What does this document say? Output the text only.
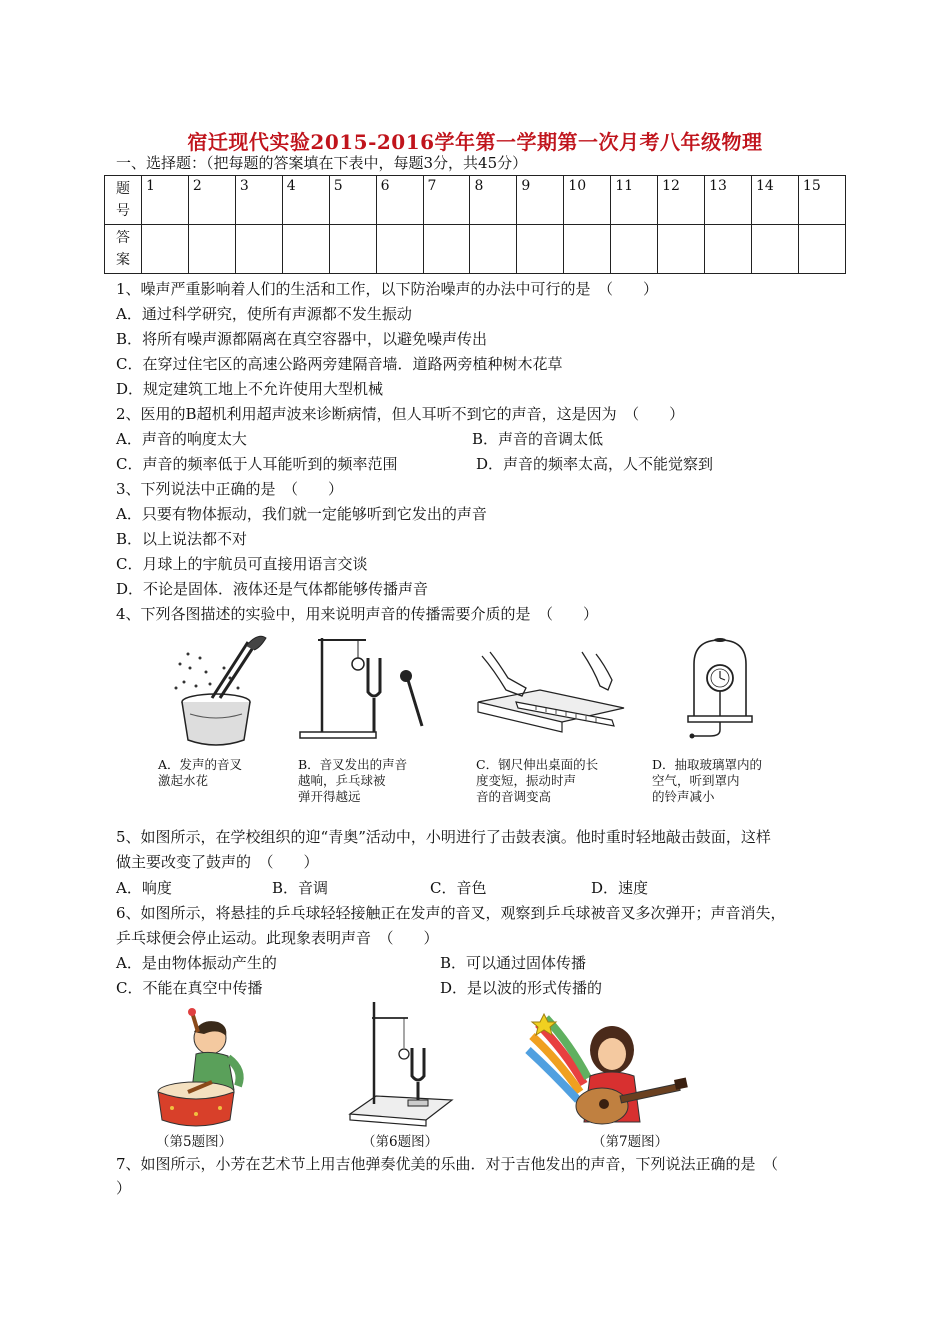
宿迁现代实验2015-2016学年第一学期第一次月考八年级物理
一、选择题：（把每题的答案填在下表中，每题3分，共45分）
题号	1	2	3	4	5	6	7	8	9	10	11	12	13	14	15

答案															

1、噪声严重影响着人们的生活和工作，以下防治噪声的办法中可行的是　（　　）
A．通过科学研究，使所有声源都不发生振动
B．将所有噪声源都隔离在真空容器中，以避免噪声传出
C．在穿过住宅区的高速公路两旁建隔音墙．道路两旁植种树木花草
D．规定建筑工地上不允许使用大型机械
2、医用的B超机利用超声波来诊断病情，但人耳听不到它的声音，这是因为　（　　）
A．声音的响度太大	B．声音的音调太低
C．声音的频率低于人耳能听到的频率范围	D．声音的频率太高，人不能觉察到
3、下列说法中正确的是　（　　）
A．只要有物体振动，我们就一定能够听到它发出的声音
B．以上说法都不对
C．月球上的宇航员可直接用语言交谈
D．不论是固体．液体还是气体都能够传播声音
4、下列各图描述的实验中，用来说明声音的传播需要介质的是　（　　）
A．发声的音叉
激起水花
B．音叉发出的声音
越响，乒乓球被
弹开得越远
C．钢尺伸出桌面的长
度变短，振动时声
音的音调变高
D．抽取玻璃罩内的
空气，听到罩内
的铃声减小
5、如图所示，在学校组织的迎“青奥”活动中，小明进行了击鼓表演。他时重时轻地敲击鼓面，这样
做主要改变了鼓声的　（　　）
A．响度	B．音调	C．音色	D．速度
6、如图所示，将悬挂的乒乓球轻轻接触正在发声的音叉，观察到乒乓球被音叉多次弹开；声音消失，
乒乓球便会停止运动。此现象表明声音　（　　）
A．是由物体振动产生的	B．可以通过固体传播
C．不能在真空中传播	D．是以波的形式传播的
（第5题图）	（第6题图）	（第7题图）
7、如图所示，小芳在艺术节上用吉他弹奏优美的乐曲．对于吉他发出的声音，下列说法正确的是　（
）
